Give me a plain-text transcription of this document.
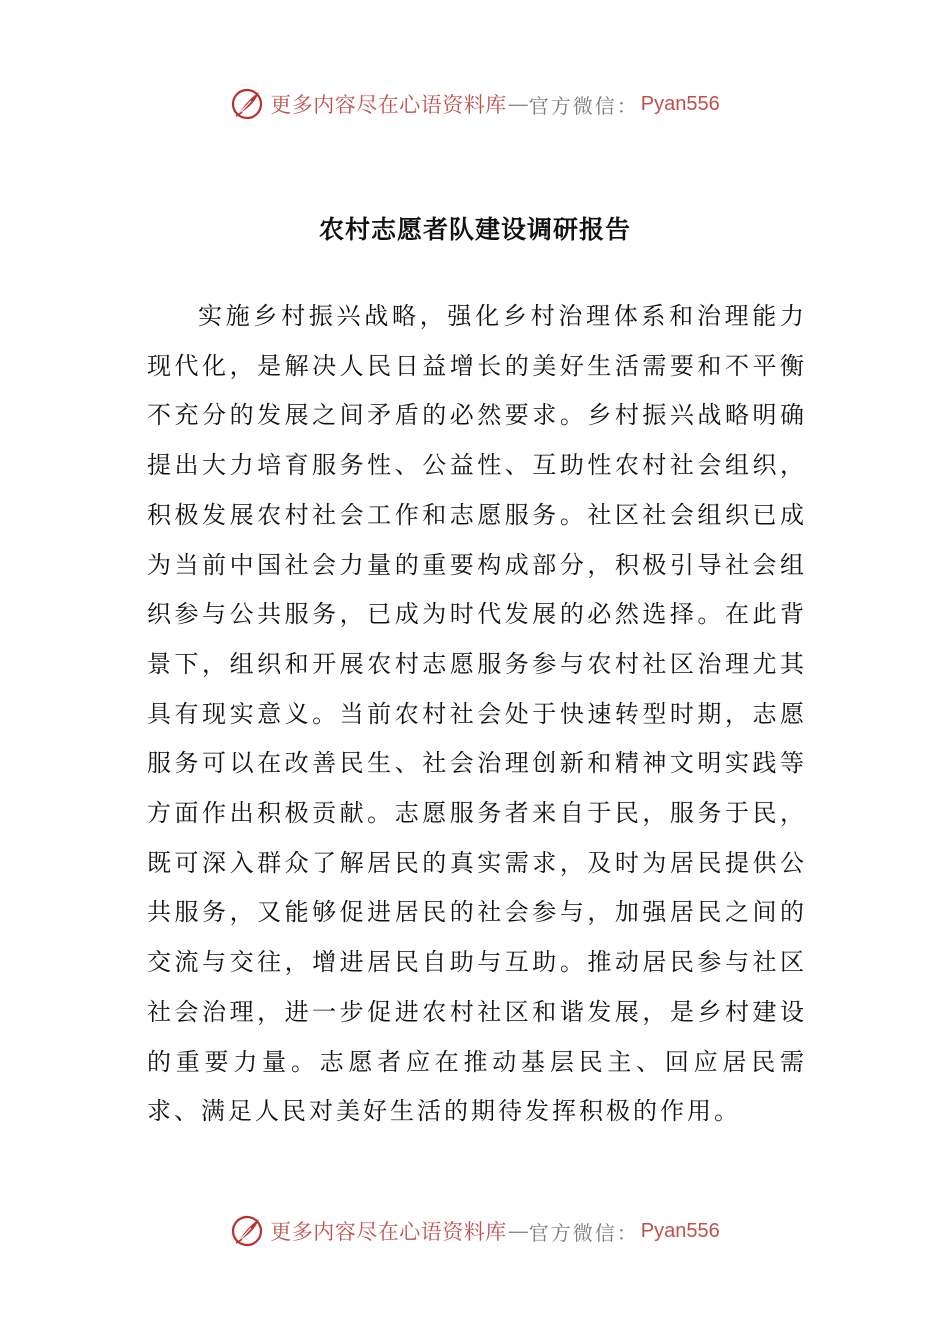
更多内容尽在心语资料库 — 官方微信： Pyan556
农村志愿者队建设调研报告

实施乡村振兴战略，强化乡村治理体系和治理能力现代化，是解决人民日益增长的美好生活需要和不平衡不充分的发展之间矛盾的必然要求。乡村振兴战略明确提出大力培育服务性、公益性、互助性农村社会组织，积极发展农村社会工作和志愿服务。社区社会组织已成为当前中国社会力量的重要构成部分，积极引导社会组织参与公共服务，已成为时代发展的必然选择。在此背景下，组织和开展农村志愿服务参与农村社区治理尤其具有现实意义。当前农村社会处于快速转型时期，志愿服务可以在改善民生、社会治理创新和精神文明实践等方面作出积极贡献。志愿服务者来自于民，服务于民，既可深入群众了解居民的真实需求，及时为居民提供公共服务，又能够促进居民的社会参与，加强居民之间的交流与交往，增进居民自助与互助。推动居民参与社区社会治理，进一步促进农村社区和谐发展，是乡村建设的重要力量。志愿者应在推动基层民主、回应居民需求、满足人民对美好生活的期待发挥积极的作用。

更多内容尽在心语资料库 — 官方微信： Pyan556
